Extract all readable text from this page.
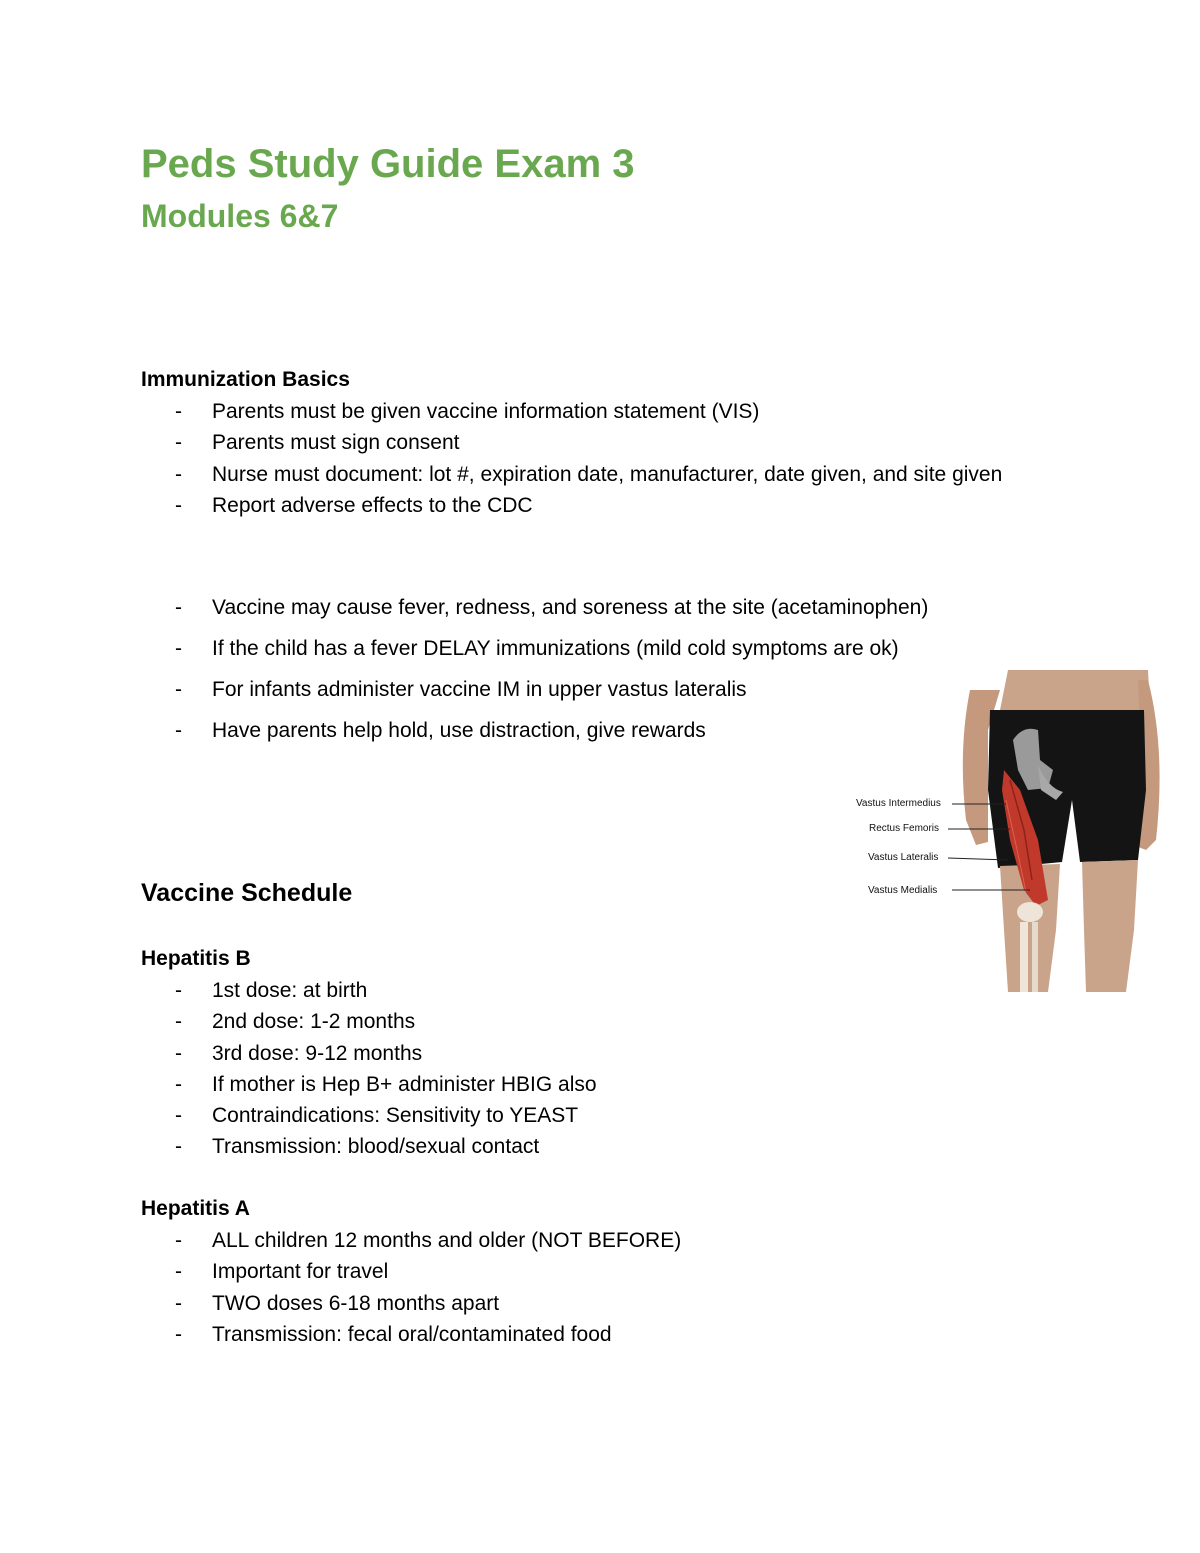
Peds Study Guide Exam 3
Modules 6&7
Immunization Basics
- Parents must be given vaccine information statement (VIS)
- Parents must sign consent
- Nurse must document: lot #, expiration date, manufacturer, date given, and site given
- Report adverse effects to the CDC
- Vaccine may cause fever, redness, and soreness at the site (acetaminophen)
- If the child has a fever DELAY immunizations (mild cold symptoms are ok)
- For infants administer vaccine IM in upper vastus lateralis
- Have parents help hold, use distraction, give rewards
Vastus Intermedius
Rectus Femoris
Vastus Lateralis
Vastus Medialis
Vaccine Schedule
Hepatitis B
- 1st dose: at birth
- 2nd dose: 1-2 months
- 3rd dose: 9-12 months
- If mother is Hep B+ administer HBIG also
- Contraindications: Sensitivity to YEAST
- Transmission: blood/sexual contact
Hepatitis A
- ALL children 12 months and older (NOT BEFORE)
- Important for travel
- TWO doses 6-18 months apart
- Transmission: fecal oral/contaminated food
